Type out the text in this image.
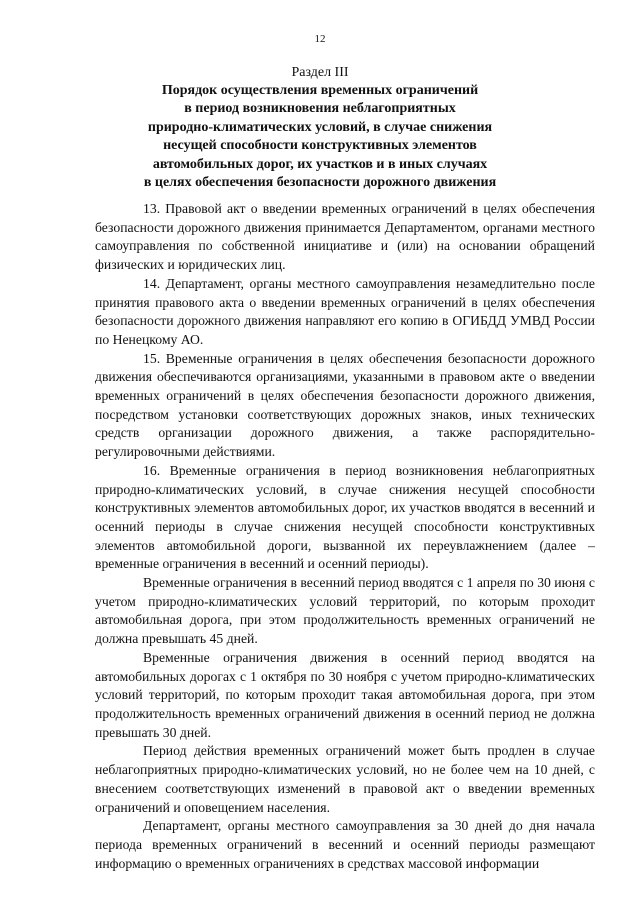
12
Раздел III
Порядок осуществления временных ограничений
в период возникновения неблагоприятных
природно-климатических условий, в случае снижения
несущей способности конструктивных элементов
автомобильных дорог, их участков и в иных случаях
в целях обеспечения безопасности дорожного движения

13. Правовой акт о введении временных ограничений в целях обеспечения безопасности дорожного движения принимается Департаментом, органами местного самоуправления по собственной инициативе и (или) на основании обращений физических и юридических лиц.

14. Департамент, органы местного самоуправления незамедлительно после принятия правового акта о введении временных ограничений в целях обеспечения безопасности дорожного движения направляют его копию в ОГИБДД УМВД России по Ненецкому АО.

15. Временные ограничения в целях обеспечения безопасности дорожного движения обеспечиваются организациями, указанными в правовом акте о введении временных ограничений в целях обеспечения безопасности дорожного движения, посредством установки соответствующих дорожных знаков, иных технических средств организации дорожного движения, а также распорядительно-регулировочными действиями.

16. Временные ограничения в период возникновения неблагоприятных природно-климатических условий, в случае снижения несущей способности конструктивных элементов автомобильных дорог, их участков вводятся в весенний и осенний периоды в случае снижения несущей способности конструктивных элементов автомобильной дороги, вызванной их переувлажнением (далее – временные ограничения в весенний и осенний периоды).

Временные ограничения в весенний период вводятся с 1 апреля по 30 июня с учетом природно-климатических условий территорий, по которым проходит автомобильная дорога, при этом продолжительность временных ограничений не должна превышать 45 дней.

Временные ограничения движения в осенний период вводятся на автомобильных дорогах с 1 октября по 30 ноября с учетом природно-климатических условий территорий, по которым проходит такая автомобильная дорога, при этом продолжительность временных ограничений движения в осенний период не должна превышать 30 дней.

Период действия временных ограничений может быть продлен в случае неблагоприятных природно-климатических условий, но не более чем на 10 дней, с внесением соответствующих изменений в правовой акт о введении временных ограничений и оповещением населения.

Департамент, органы местного самоуправления за 30 дней до дня начала периода временных ограничений в весенний и осенний периоды размещают информацию о временных ограничениях в средствах массовой информации
